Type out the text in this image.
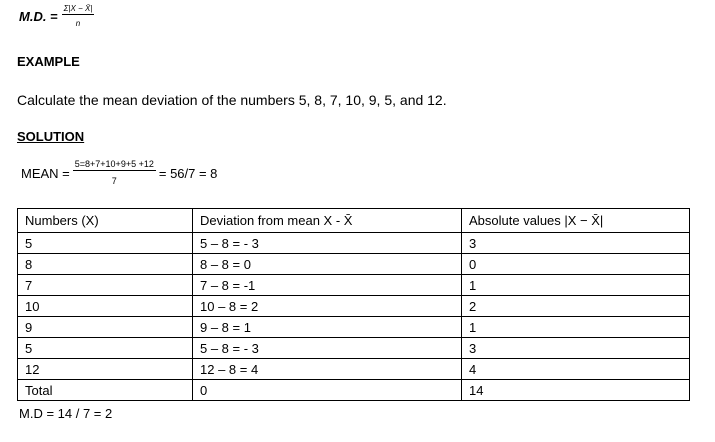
M.D. = $\frac{\Sigma|X - X̄|}{n}$
EXAMPLE
Calculate the mean deviation of the numbers 5, 8, 7, 10, 9, 5, and 12.
SOLUTION
MEAN = $\frac{5=8+7+10+9+5 +12}{7} = 56/7 = 8$
Numbers (X)	Deviation from mean X - X̄	Absolute values |X − X̄|
5	5 – 8 = - 3	3
8	8 – 8 = 0	0
7	7 – 8 = -1	1
10	10 – 8 = 2	2
9	9 – 8 = 1	1
5	5 – 8 = - 3	3
12	12 – 8 = 4	4
Total	0	14
M.D = 14 / 7 = 2
